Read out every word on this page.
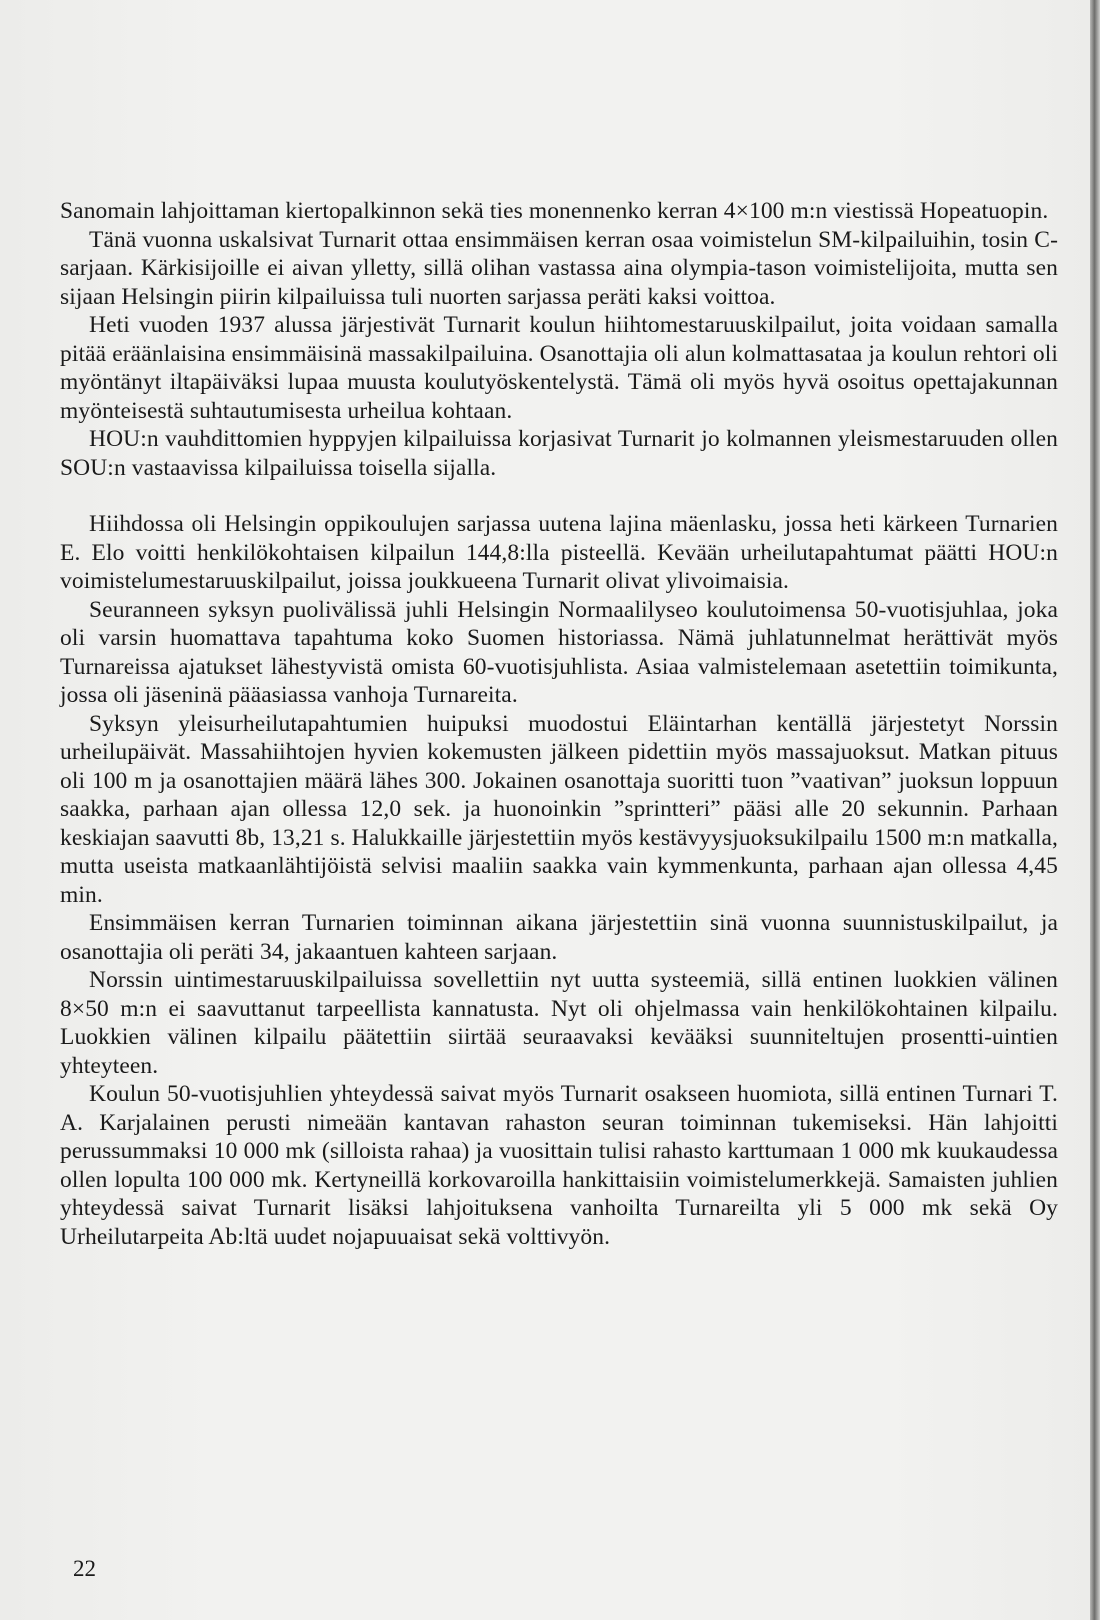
Sanomain lahjoittaman kiertopalkinnon sekä ties monennenko kerran 4×100 m:n viestissä Hopeatuopin.

Tänä vuonna uskalsivat Turnarit ottaa ensimmäisen kerran osaa voimistelun SM-kilpailuihin, tosin C-sarjaan. Kärkisijoille ei aivan ylletty, sillä olihan vastassa aina olympia-tason voimistelijoita, mutta sen sijaan Helsingin piirin kilpailuissa tuli nuorten sarjassa peräti kaksi voittoa.

Heti vuoden 1937 alussa järjestivät Turnarit koulun hiihtomestaruuskilpailut, joita voidaan samalla pitää eräänlaisina ensimmäisinä massakilpailuina. Osanottajia oli alun kolmattasataa ja koulun rehtori oli myöntänyt iltapäiväksi lupaa muusta koulutyöskentelystä. Tämä oli myös hyvä osoitus opettajakunnan myönteisestä suhtautumisesta urheilua kohtaan.

HOU:n vauhdittomien hyppyjen kilpailuissa korjasivat Turnarit jo kolmannen yleismestaruuden ollen SOU:n vastaavissa kilpailuissa toisella sijalla.

Hiihdossa oli Helsingin oppikoulujen sarjassa uutena lajina mäenlasku, jossa heti kärkeen Turnarien E. Elo voitti henkilökohtaisen kilpailun 144,8:lla pisteellä. Kevään urheilutapahtumat päätti HOU:n voimistelumestaruuskilpailut, joissa joukkueena Turnarit olivat ylivoimaisia.

Seuranneen syksyn puolivälissä juhli Helsingin Normaalilyseo koulutoimensa 50-vuotisjuhlaa, joka oli varsin huomattava tapahtuma koko Suomen historiassa. Nämä juhlatunnelmat herättivät myös Turnareissa ajatukset lähestyvistä omista 60-vuotisjuhlista. Asiaa valmistelemaan asetettiin toimikunta, jossa oli jäseninä pääasiassa vanhoja Turnareita.

Syksyn yleisurheilutapahtumien huipuksi muodostui Eläintarhan kentällä järjestetyt Norssin urheilupäivät. Massahiihtojen hyvien kokemusten jälkeen pidettiin myös massajuoksut. Matkan pituus oli 100 m ja osanottajien määrä lähes 300. Jokainen osanottaja suoritti tuon ”vaativan” juoksun loppuun saakka, parhaan ajan ollessa 12,0 sek. ja huonoinkin ”sprintteri” pääsi alle 20 sekunnin. Parhaan keskiajan saavutti 8b, 13,21 s. Halukkaille järjestettiin myös kestävyysjuoksukilpailu 1500 m:n matkalla, mutta useista matkaanlähtijöistä selvisi maaliin saakka vain kymmenkunta, parhaan ajan ollessa 4,45 min.

Ensimmäisen kerran Turnarien toiminnan aikana järjestettiin sinä vuonna suunnistuskilpailut, ja osanottajia oli peräti 34, jakaantuen kahteen sarjaan.

Norssin uintimestaruuskilpailuissa sovellettiin nyt uutta systeemiä, sillä entinen luokkien välinen 8×50 m:n ei saavuttanut tarpeellista kannatusta. Nyt oli ohjelmassa vain henkilökohtainen kilpailu. Luokkien välinen kilpailu päätettiin siirtää seuraavaksi kevääksi suunniteltujen prosentti-uintien yhteyteen.

Koulun 50-vuotisjuhlien yhteydessä saivat myös Turnarit osakseen huomiota, sillä entinen Turnari T. A. Karjalainen perusti nimeään kantavan rahaston seuran toiminnan tukemiseksi. Hän lahjoitti perussummaksi 10 000 mk (silloista rahaa) ja vuosittain tulisi rahasto karttumaan 1 000 mk kuukaudessa ollen lopulta 100 000 mk. Kertyneillä korkovaroilla hankittaisiin voimistelumerkkejä. Samaisten juhlien yhteydessä saivat Turnarit lisäksi lahjoituksena vanhoilta Turnareilta yli 5 000 mk sekä Oy Urheilutarpeita Ab:ltä uudet nojapuuaisat sekä volttivyön.

22
